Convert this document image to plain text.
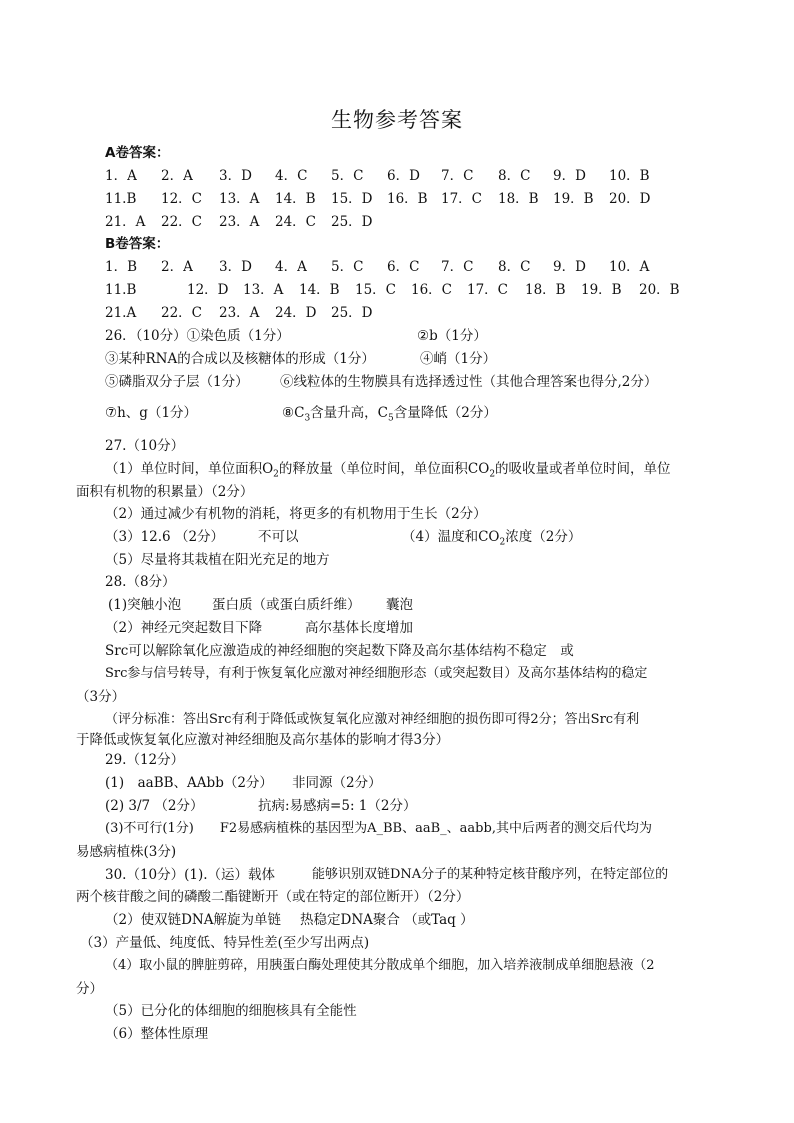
生物参考答案
A卷答案：
1．A 2．A 3．D 4．C 5．C 6．D 7．C 8．C 9．D 10．B
11.B 12．C 13．A 14．B 15．D 16．B 17．C 18．B 19．B 20．D
21．A 22．C 23．A 24．C 25．D
B卷答案：
1．B 2．A 3．D 4．A 5．C 6．C 7．C 8．C 9．D 10．A
11.B	12．D 13．A 14．B 15．C 16．C 17．C 18．B 19．B 20．B
21.A 22．C 23．A 24．D 25．D
26．（10分）①染色质（1分）	②b（1分）
③某种RNA的合成以及核糖体的形成（1分）	④峭（1分）
⑤磷脂双分子层（1分） ⑥线粒体的生物膜具有选择透过性（其他合理答案也得分,2分）
⑦h、g（1分）	$⑧C_3$含量升高，$C_5$含量降低（2分）
27.（10分）
（1）单位时间，单位面积$O_2$的释放量（单位时间，单位面积$CO_2$的吸收量或者单位时间，单位
面积有机物的积累量）（2分）
（2）通过减少有机物的消耗，将更多的有机物用于生长（2分）
（3）12.6 （2分）	不可以	（4）温度和$CO_2$浓度（2分）
（5）尽量将其栽植在阳光充足的地方
28.（8分）
(1)突触小泡 蛋白质（或蛋白质纤维） 囊泡
（2）神经元突起数目下降	高尔基体长度增加
Src可以解除氧化应激造成的神经细胞的突起数下降及高尔基体结构不稳定　或
Src参与信号转导，有利于恢复氧化应激对神经细胞形态（或突起数目）及高尔基体结构的稳定
（3分）
（评分标准：答出Src有利于降低或恢复氧化应激对神经细胞的损伤即可得2分；答出Src有利
于降低或恢复氧化应激对神经细胞及高尔基体的影响才得3分）
29.（12分）
(1)　aaBB、AAbb（2分） 非同源（2分）
(2) 3/7 （2分）	抗病:易感病=5: 1（2分）
(3)不可行(1分)　　F2易感病植株的基因型为A_BB、aaB_、aabb,其中后两者的测交后代均为
易感病植株(3分)
30.（10分）(1).（运）载体	能够识别双链DNA分子的某种特定核苷酸序列，在特定部位的
两个核苷酸之间的磷酸二酯键断开（或在特定的部位断开）（2分）
（2）使双链DNA解旋为单链 热稳定DNA聚合 （或Taq ）
（3）产量低、纯度低、特异性差(至少写出两点)
（4）取小鼠的脾脏剪碎，用胰蛋白酶处理使其分散成单个细胞，加入培养液制成单细胞悬液（2
分）
（5）已分化的体细胞的细胞核具有全能性
（6）整体性原理
